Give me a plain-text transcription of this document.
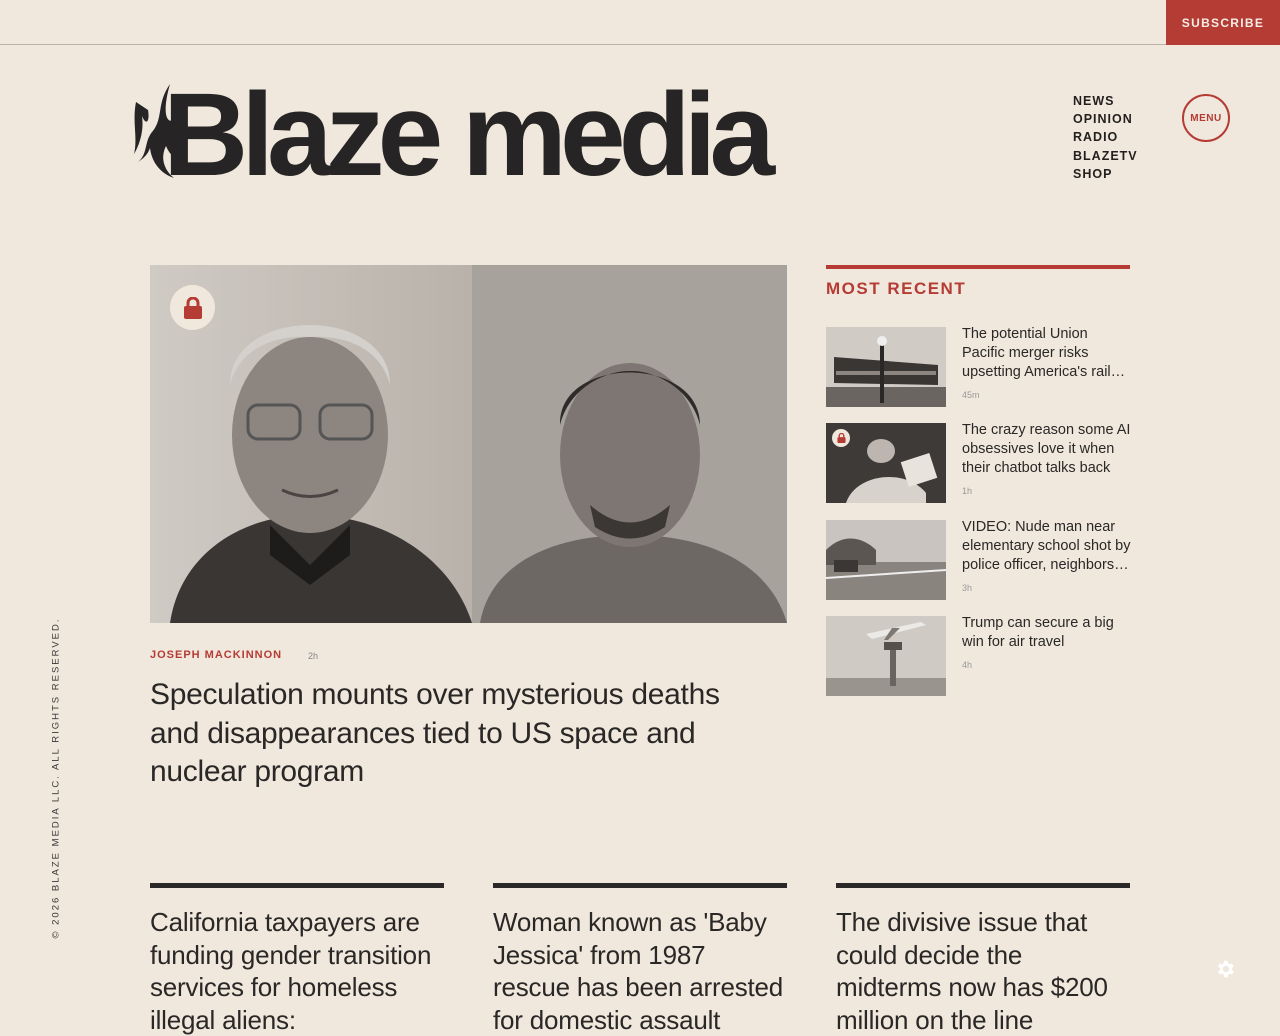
SUBSCRIBE
Blaze media	NEWS
OPINION
RADIO
BLAZETV
SHOP
MENU
JOSEPH MACKINNON	2h
Speculation mounts over mysterious deaths and disappearances tied to US space and nuclear program
MOST RECENT
The potential Union Pacific merger risks upsetting America's rail
45m
The crazy reason some AI obsessives love it when their chatbot talks back
1h
VIDEO: Nude man near elementary school shot by police officer, neighbors
3h
Trump can secure a big win for air travel
4h
© 2026 BLAZE MEDIA LLC. ALL RIGHTS RESERVED.	California taxpayers are funding gender transition services for homeless illegal aliens:
Woman known as 'Baby Jessica' from 1987 rescue has been arrested for domestic assault
The divisive issue that could decide the midterms now has $200 million on the line
